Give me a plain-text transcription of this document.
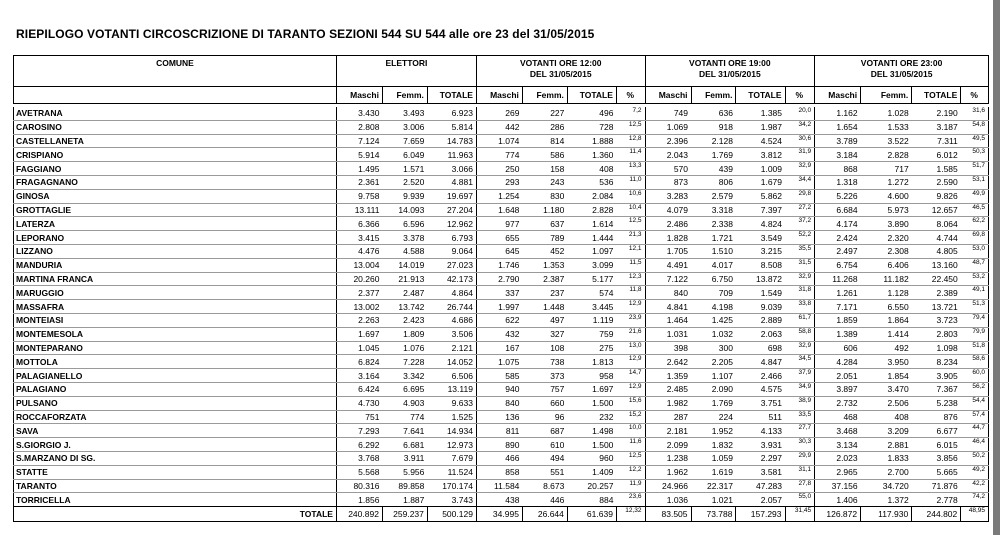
RIEPILOGO VOTANTI CIRCOSCRIZIONE DI TARANTO SEZIONI 544 SU 544 alle ore 23 del 31/05/2015
COMUNE	ELETTORI			VOTANTI ORE 12:00
DEL 31/05/2015				VOTANTI ORE 19:00
DEL 31/05/2015				VOTANTI ORE 23:00
DEL 31/05/2015			
	Maschi	Femm.	TOTALE	Maschi	Femm.	TOTALE	%	Maschi	Femm.	TOTALE	%	Maschi	Femm.	TOTALE	%

AVETRANA	3.430	3.493	6.923	269	227	496	7,2	749	636	1.385	20,0	1.162	1.028	2.190	31,6
CAROSINO	2.808	3.006	5.814	442	286	728	12,5	1.069	918	1.987	34,2	1.654	1.533	3.187	54,8
CASTELLANETA	7.124	7.659	14.783	1.074	814	1.888	12,8	2.396	2.128	4.524	30,6	3.789	3.522	7.311	49,5
CRISPIANO	5.914	6.049	11.963	774	586	1.360	11,4	2.043	1.769	3.812	31,9	3.184	2.828	6.012	50,3
FAGGIANO	1.495	1.571	3.066	250	158	408	13,3	570	439	1.009	32,9	868	717	1.585	51,7
FRAGAGNANO	2.361	2.520	4.881	293	243	536	11,0	873	806	1.679	34,4	1.318	1.272	2.590	53,1
GINOSA	9.758	9.939	19.697	1.254	830	2.084	10,6	3.283	2.579	5.862	29,8	5.226	4.600	9.826	49,9
GROTTAGLIE	13.111	14.093	27.204	1.648	1.180	2.828	10,4	4.079	3.318	7.397	27,2	6.684	5.973	12.657	46,5
LATERZA	6.366	6.596	12.962	977	637	1.614	12,5	2.486	2.338	4.824	37,2	4.174	3.890	8.064	62,2
LEPORANO	3.415	3.378	6.793	655	789	1.444	21,3	1.828	1.721	3.549	52,2	2.424	2.320	4.744	69,8
LIZZANO	4.476	4.588	9.064	645	452	1.097	12,1	1.705	1.510	3.215	35,5	2.497	2.308	4.805	53,0
MANDURIA	13.004	14.019	27.023	1.746	1.353	3.099	11,5	4.491	4.017	8.508	31,5	6.754	6.406	13.160	48,7
MARTINA FRANCA	20.260	21.913	42.173	2.790	2.387	5.177	12,3	7.122	6.750	13.872	32,9	11.268	11.182	22.450	53,2
MARUGGIO	2.377	2.487	4.864	337	237	574	11,8	840	709	1.549	31,8	1.261	1.128	2.389	49,1
MASSAFRA	13.002	13.742	26.744	1.997	1.448	3.445	12,9	4.841	4.198	9.039	33,8	7.171	6.550	13.721	51,3
MONTEIASI	2.263	2.423	4.686	622	497	1.119	23,9	1.464	1.425	2.889	61,7	1.859	1.864	3.723	79,4
MONTEMESOLA	1.697	1.809	3.506	432	327	759	21,6	1.031	1.032	2.063	58,8	1.389	1.414	2.803	79,9
MONTEPARANO	1.045	1.076	2.121	167	108	275	13,0	398	300	698	32,9	606	492	1.098	51,8
MOTTOLA	6.824	7.228	14.052	1.075	738	1.813	12,9	2.642	2.205	4.847	34,5	4.284	3.950	8.234	58,6
PALAGIANELLO	3.164	3.342	6.506	585	373	958	14,7	1.359	1.107	2.466	37,9	2.051	1.854	3.905	60,0
PALAGIANO	6.424	6.695	13.119	940	757	1.697	12,9	2.485	2.090	4.575	34,9	3.897	3.470	7.367	56,2
PULSANO	4.730	4.903	9.633	840	660	1.500	15,6	1.982	1.769	3.751	38,9	2.732	2.506	5.238	54,4
ROCCAFORZATA	751	774	1.525	136	96	232	15,2	287	224	511	33,5	468	408	876	57,4
SAVA	7.293	7.641	14.934	811	687	1.498	10,0	2.181	1.952	4.133	27,7	3.468	3.209	6.677	44,7
S.GIORGIO J.	6.292	6.681	12.973	890	610	1.500	11,6	2.099	1.832	3.931	30,3	3.134	2.881	6.015	46,4
S.MARZANO DI SG.	3.768	3.911	7.679	466	494	960	12,5	1.238	1.059	2.297	29,9	2.023	1.833	3.856	50,2
STATTE	5.568	5.956	11.524	858	551	1.409	12,2	1.962	1.619	3.581	31,1	2.965	2.700	5.665	49,2
TARANTO	80.316	89.858	170.174	11.584	8.673	20.257	11,9	24.966	22.317	47.283	27,8	37.156	34.720	71.876	42,2
TORRICELLA	1.856	1.887	3.743	438	446	884	23,6	1.036	1.021	2.057	55,0	1.406	1.372	2.778	74,2
TOTALE	240.892	259.237	500.129	34.995	26.644	61.639	12,32	83.505	73.788	157.293	31,45	126.872	117.930	244.802	48,95
